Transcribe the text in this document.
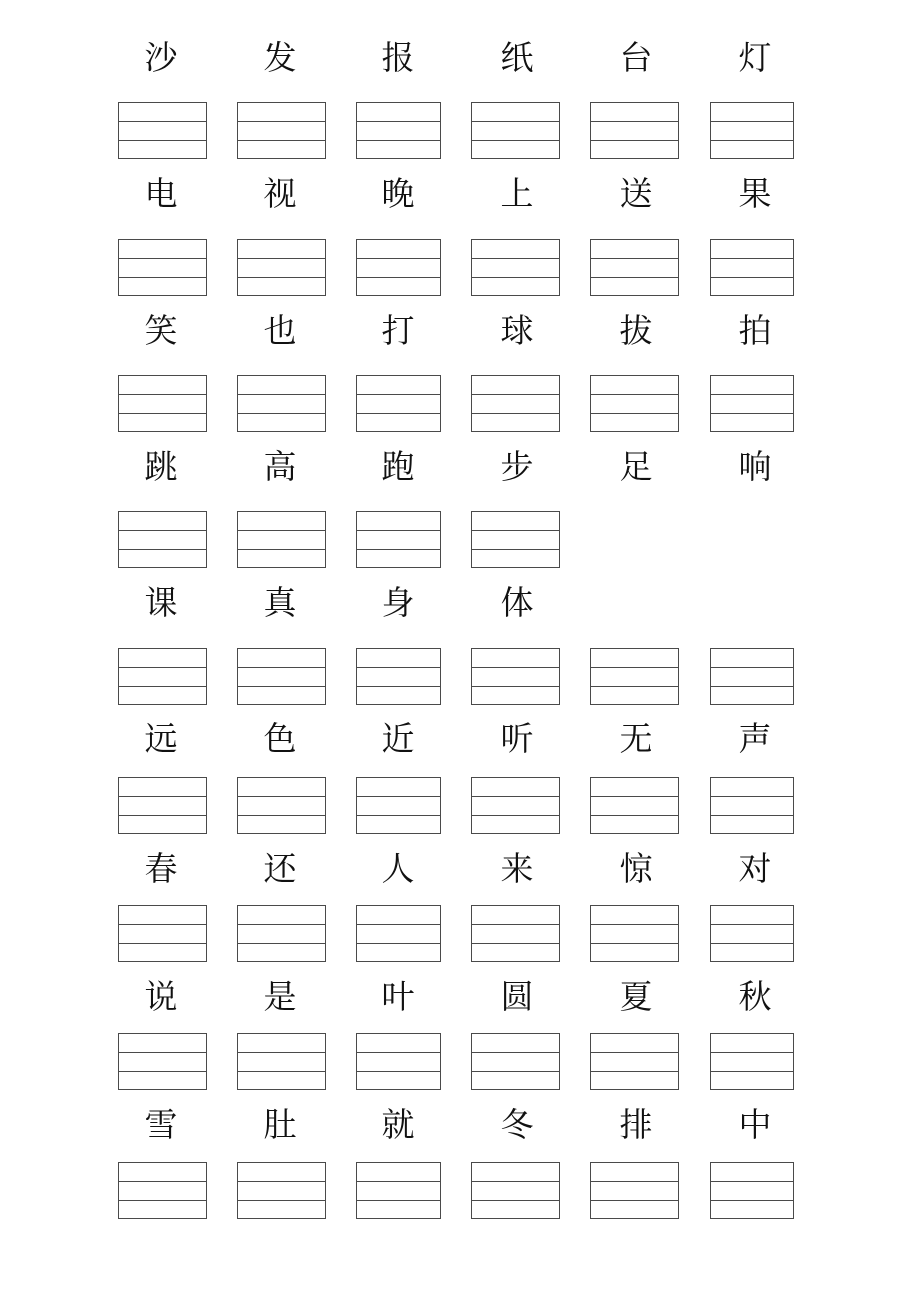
沙	发	报	纸	台	灯
电	视	晚	上	送	果
笑	也	打	球	拔	拍
跳	高	跑	步	足	响
课	真	身	体
远	色	近	听	无	声
春	还	人	来	惊	对
说	是	叶	圆	夏	秋
雪	肚	就	冬	排	中
